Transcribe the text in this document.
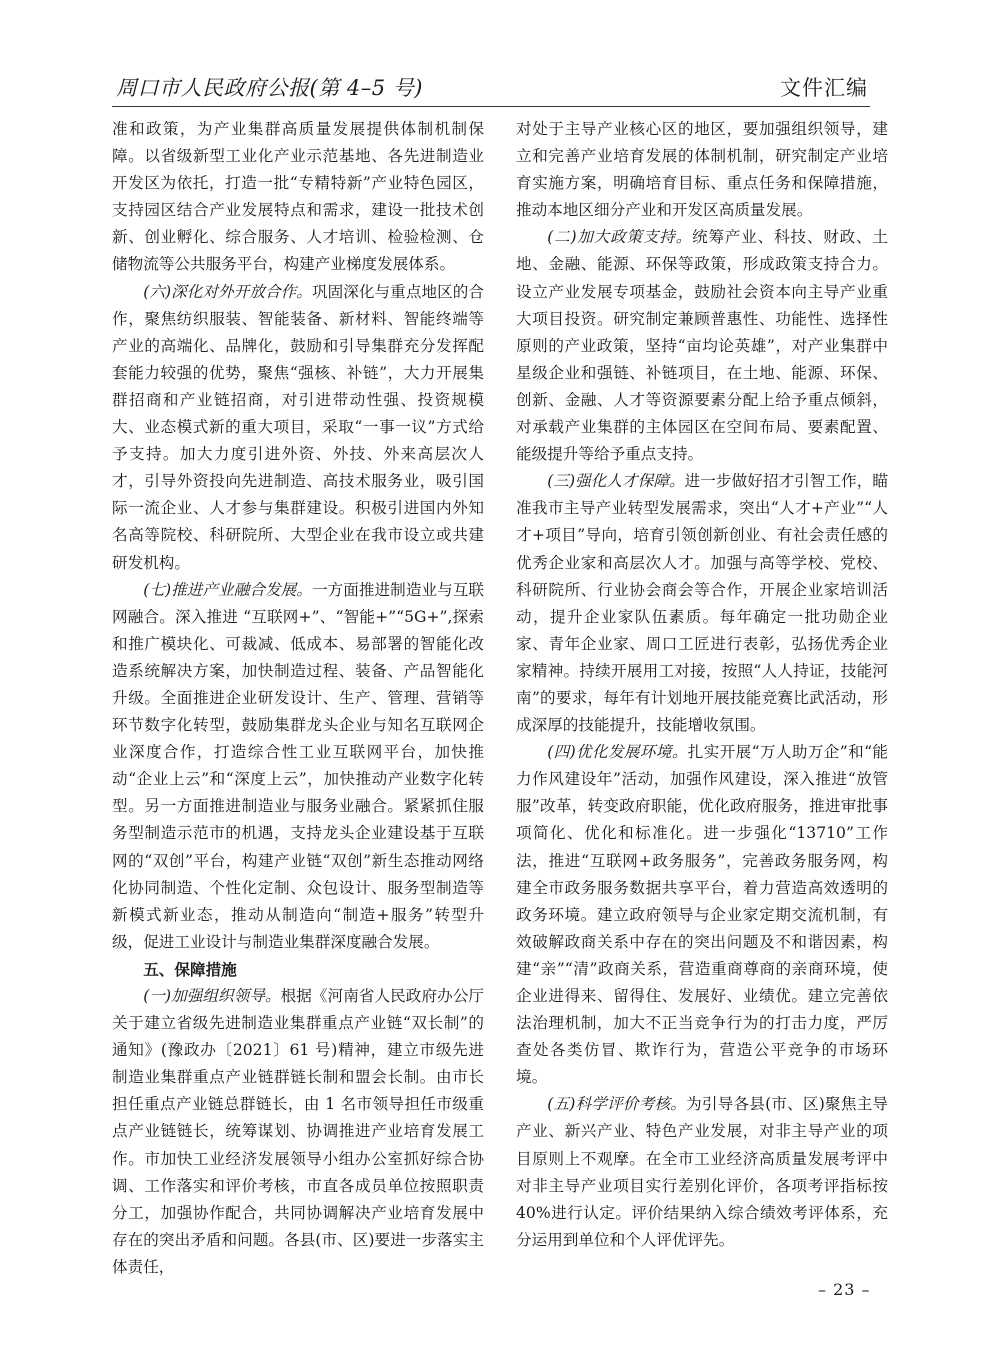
周口市人民政府公报(第 4–5 号)	文件汇编

准和政策，为产业集群高质量发展提供体制机制保障。以省级新型工业化产业示范基地、各先进制造业开发区为依托，打造一批“专精特新”产业特色园区，支持园区结合产业发展特点和需求，建设一批技术创新、创业孵化、综合服务、人才培训、检验检测、仓储物流等公共服务平台，构建产业梯度发展体系。

(六)深化对外开放合作。巩固深化与重点地区的合作，聚焦纺织服装、智能装备、新材料、智能终端等产业的高端化、品牌化，鼓励和引导集群充分发挥配套能力较强的优势，聚焦“强核、补链”，大力开展集群招商和产业链招商，对引进带动性强、投资规模大、业态模式新的重大项目，采取“一事一议”方式给予支持。加大力度引进外资、外技、外来高层次人才，引导外资投向先进制造、高技术服务业，吸引国际一流企业、人才参与集群建设。积极引进国内外知名高等院校、科研院所、大型企业在我市设立或共建研发机构。

(七)推进产业融合发展。一方面推进制造业与互联网融合。深入推进 “互联网+”、“智能+”“5G+”,探索和推广模块化、可裁减、低成本、易部署的智能化改造系统解决方案，加快制造过程、装备、产品智能化升级。全面推进企业研发设计、生产、管理、营销等环节数字化转型，鼓励集群龙头企业与知名互联网企业深度合作，打造综合性工业互联网平台，加快推动“企业上云”和“深度上云”，加快推动产业数字化转型。另一方面推进制造业与服务业融合。紧紧抓住服务型制造示范市的机遇，支持龙头企业建设基于互联网的“双创”平台，构建产业链“双创”新生态推动网络化协同制造、个性化定制、众包设计、服务型制造等新模式新业态，推动从制造向“制造+服务”转型升级，促进工业设计与制造业集群深度融合发展。

五、保障措施

(一)加强组织领导。根据《河南省人民政府办公厅关于建立省级先进制造业集群重点产业链“双长制”的通知》(豫政办〔2021〕61 号)精神，建立市级先进制造业集群重点产业链群链长制和盟会长制。由市长担任重点产业链总群链长，由 1 名市领导担任市级重点产业链链长，统筹谋划、协调推进产业培育发展工作。市加快工业经济发展领导小组办公室抓好综合协调、工作落实和评价考核，市直各成员单位按照职责分工，加强协作配合，共同协调解决产业培育发展中存在的突出矛盾和问题。各县(市、区)要进一步落实主体责任，

对处于主导产业核心区的地区，要加强组织领导，建立和完善产业培育发展的体制机制，研究制定产业培育实施方案，明确培育目标、重点任务和保障措施，推动本地区细分产业和开发区高质量发展。

(二)加大政策支持。统筹产业、科技、财政、土地、金融、能源、环保等政策，形成政策支持合力。设立产业发展专项基金，鼓励社会资本向主导产业重大项目投资。研究制定兼顾普惠性、功能性、选择性原则的产业政策，坚持“亩均论英雄”，对产业集群中星级企业和强链、补链项目，在土地、能源、环保、创新、金融、人才等资源要素分配上给予重点倾斜，对承载产业集群的主体园区在空间布局、要素配置、能级提升等给予重点支持。

(三)强化人才保障。进一步做好招才引智工作，瞄准我市主导产业转型发展需求，突出“人才+产业”“人才+项目”导向，培育引领创新创业、有社会责任感的优秀企业家和高层次人才。加强与高等学校、党校、科研院所、行业协会商会等合作，开展企业家培训活动，提升企业家队伍素质。每年确定一批功勋企业家、青年企业家、周口工匠进行表彰，弘扬优秀企业家精神。持续开展用工对接，按照“人人持证，技能河南”的要求，每年有计划地开展技能竞赛比武活动，形成深厚的技能提升，技能增收氛围。

(四)优化发展环境。扎实开展“万人助万企”和“能力作风建设年”活动，加强作风建设，深入推进“放管服”改革，转变政府职能，优化政府服务，推进审批事项简化、优化和标准化。进一步强化“13710”工作法，推进“互联网+政务服务”，完善政务服务网，构建全市政务服务数据共享平台，着力营造高效透明的政务环境。建立政府领导与企业家定期交流机制，有效破解政商关系中存在的突出问题及不和谐因素，构建“亲”“清”政商关系，营造重商尊商的亲商环境，使企业进得来、留得住、发展好、业绩优。建立完善依法治理机制，加大不正当竞争行为的打击力度，严厉查处各类仿冒、欺诈行为，营造公平竞争的市场环境。

(五)科学评价考核。为引导各县(市、区)聚焦主导产业、新兴产业、特色产业发展，对非主导产业的项目原则上不观摩。在全市工业经济高质量发展考评中对非主导产业项目实行差别化评价，各项考评指标按 40%进行认定。评价结果纳入综合绩效考评体系，充分运用到单位和个人评优评先。

– 23 –
